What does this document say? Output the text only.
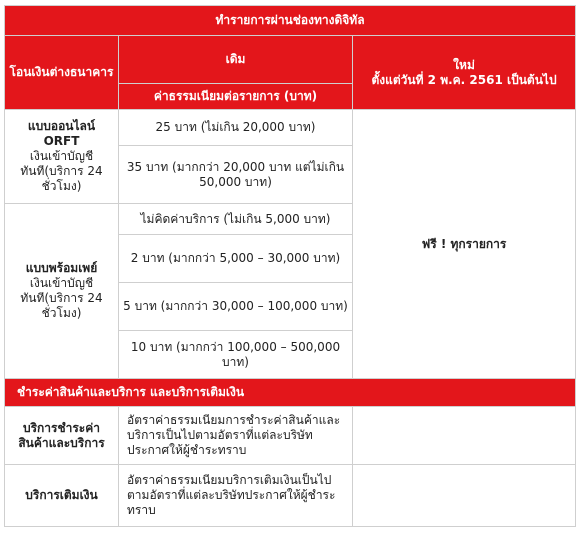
ทำรายการผ่านช่องทางดิจิทัล		
โอนเงินต่างธนาคาร	เดิม	ใหม่
ตั้งแต่วันที่ 2 พ.ค. 2561 เป็นต้นไป

	ค่าธรรมเนียมต่อรายการ (บาท)	

แบบออนไลน์
ORFT
เงินเข้าบัญชีทันที(บริการ 24 ชั่วโมง)	25 บาท (ไม่เกิน 20,000 บาท)	ฟรี ! ทุกรายการ
	35 บาท (มากกว่า 20,000 บาท แต่ไม่เกิน 50,000 บาท)	

แบบพร้อมเพย์
เงินเข้าบัญชีทันที(บริการ 24 ชั่วโมง)	ไม่คิดค่าบริการ (ไม่เกิน 5,000 บาท)	
	2 บาท (มากกว่า 5,000 – 30,000 บาท)	
	5 บาท (มากกว่า 30,000 – 100,000 บาท)	
	10 บาท (มากกว่า 100,000 – 500,000 บาท)	
ชำระค่าสินค้าและบริการ และบริการเติมเงิน		
บริการชำระค่าสินค้าและบริการ	อัตราค่าธรรมเนียมการชำระค่าสินค้าและบริการเป็นไปตามอัตราที่แต่ละบริษัทประกาศให้ผู้ชำระทราบ	
บริการเติมเงิน	อัตราค่าธรรมเนียมบริการเติมเงินเป็นไปตามอัตราที่แต่ละบริษัทประกาศให้ผู้ชำระทราบ	
